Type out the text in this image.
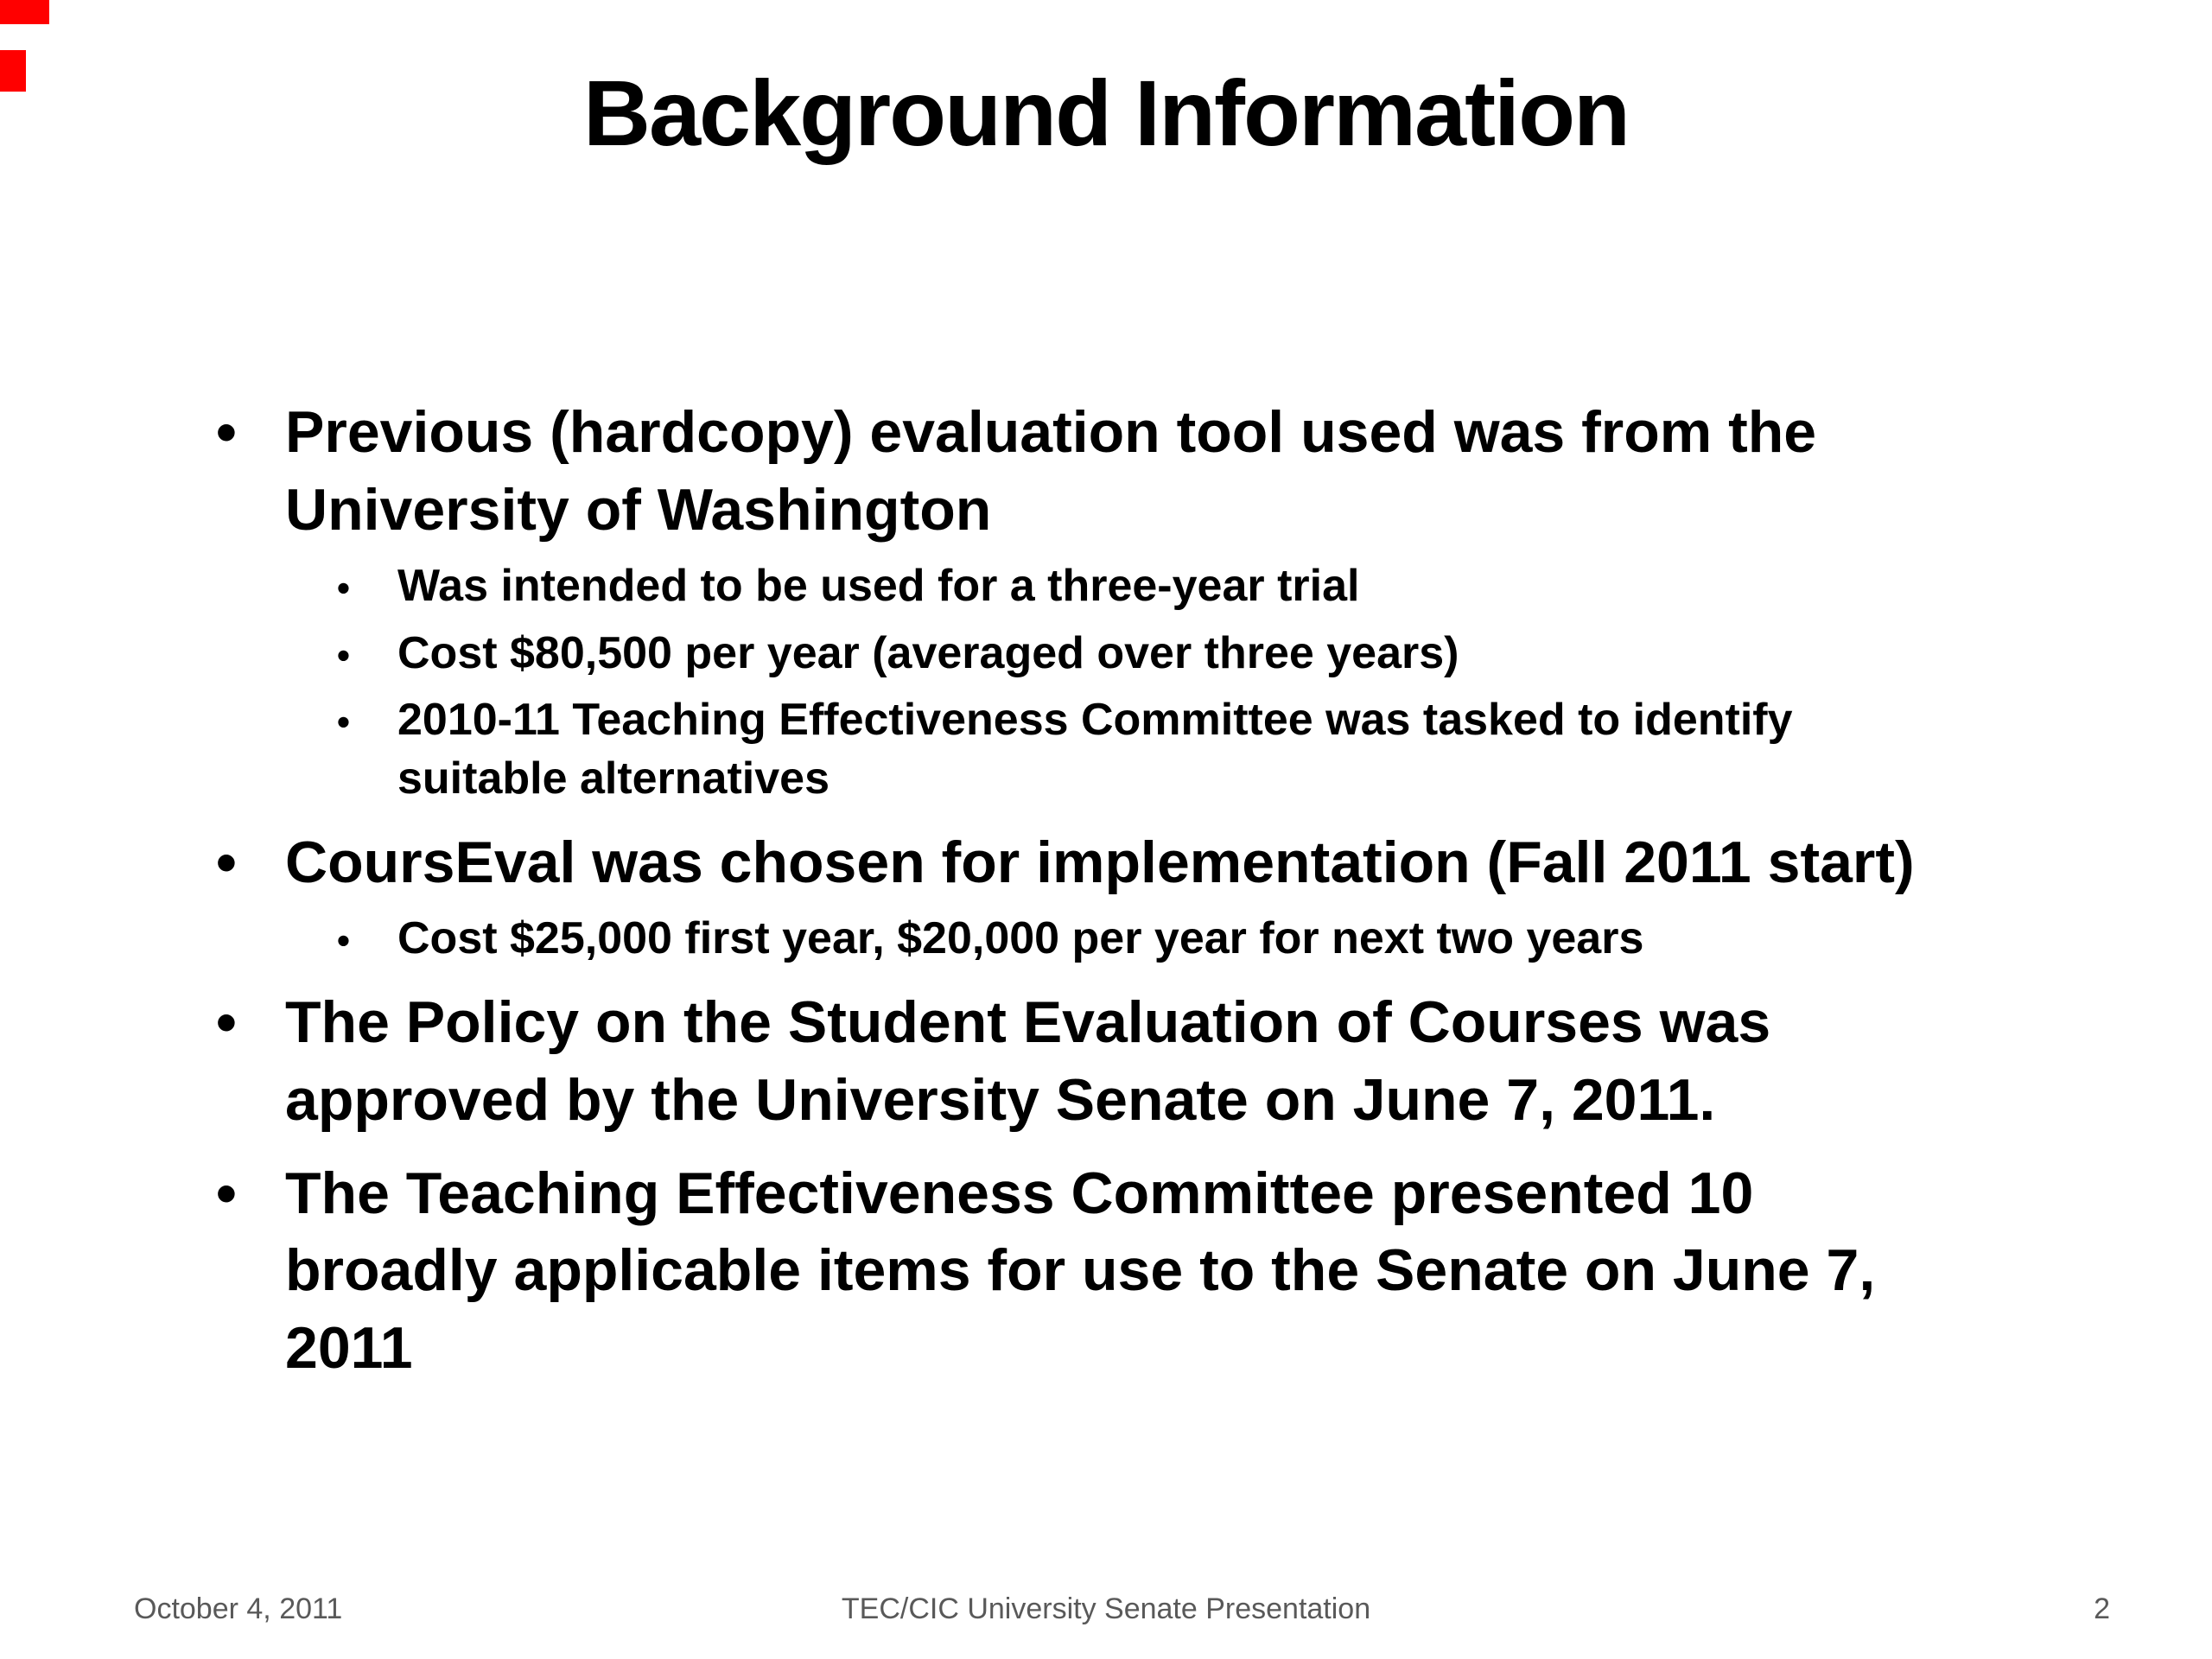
Background Information
•
Previous (hardcopy) evaluation tool used was from the University of Washington
•
Was intended to be used for a three-year trial
•
Cost $80,500 per year (averaged over three years)
•
2010-11 Teaching Effectiveness Committee was tasked to identify suitable alternatives
•
CoursEval was chosen for implementation (Fall 2011 start)
•
Cost $25,000 first year, $20,000 per year for next two years
•
The Policy on the Student Evaluation of Courses was approved by the University Senate on June 7, 2011.
•
The Teaching Effectiveness Committee presented 10 broadly applicable items for use to the Senate on June 7, 2011
October 4, 2011	TEC/CIC University Senate Presentation	2
